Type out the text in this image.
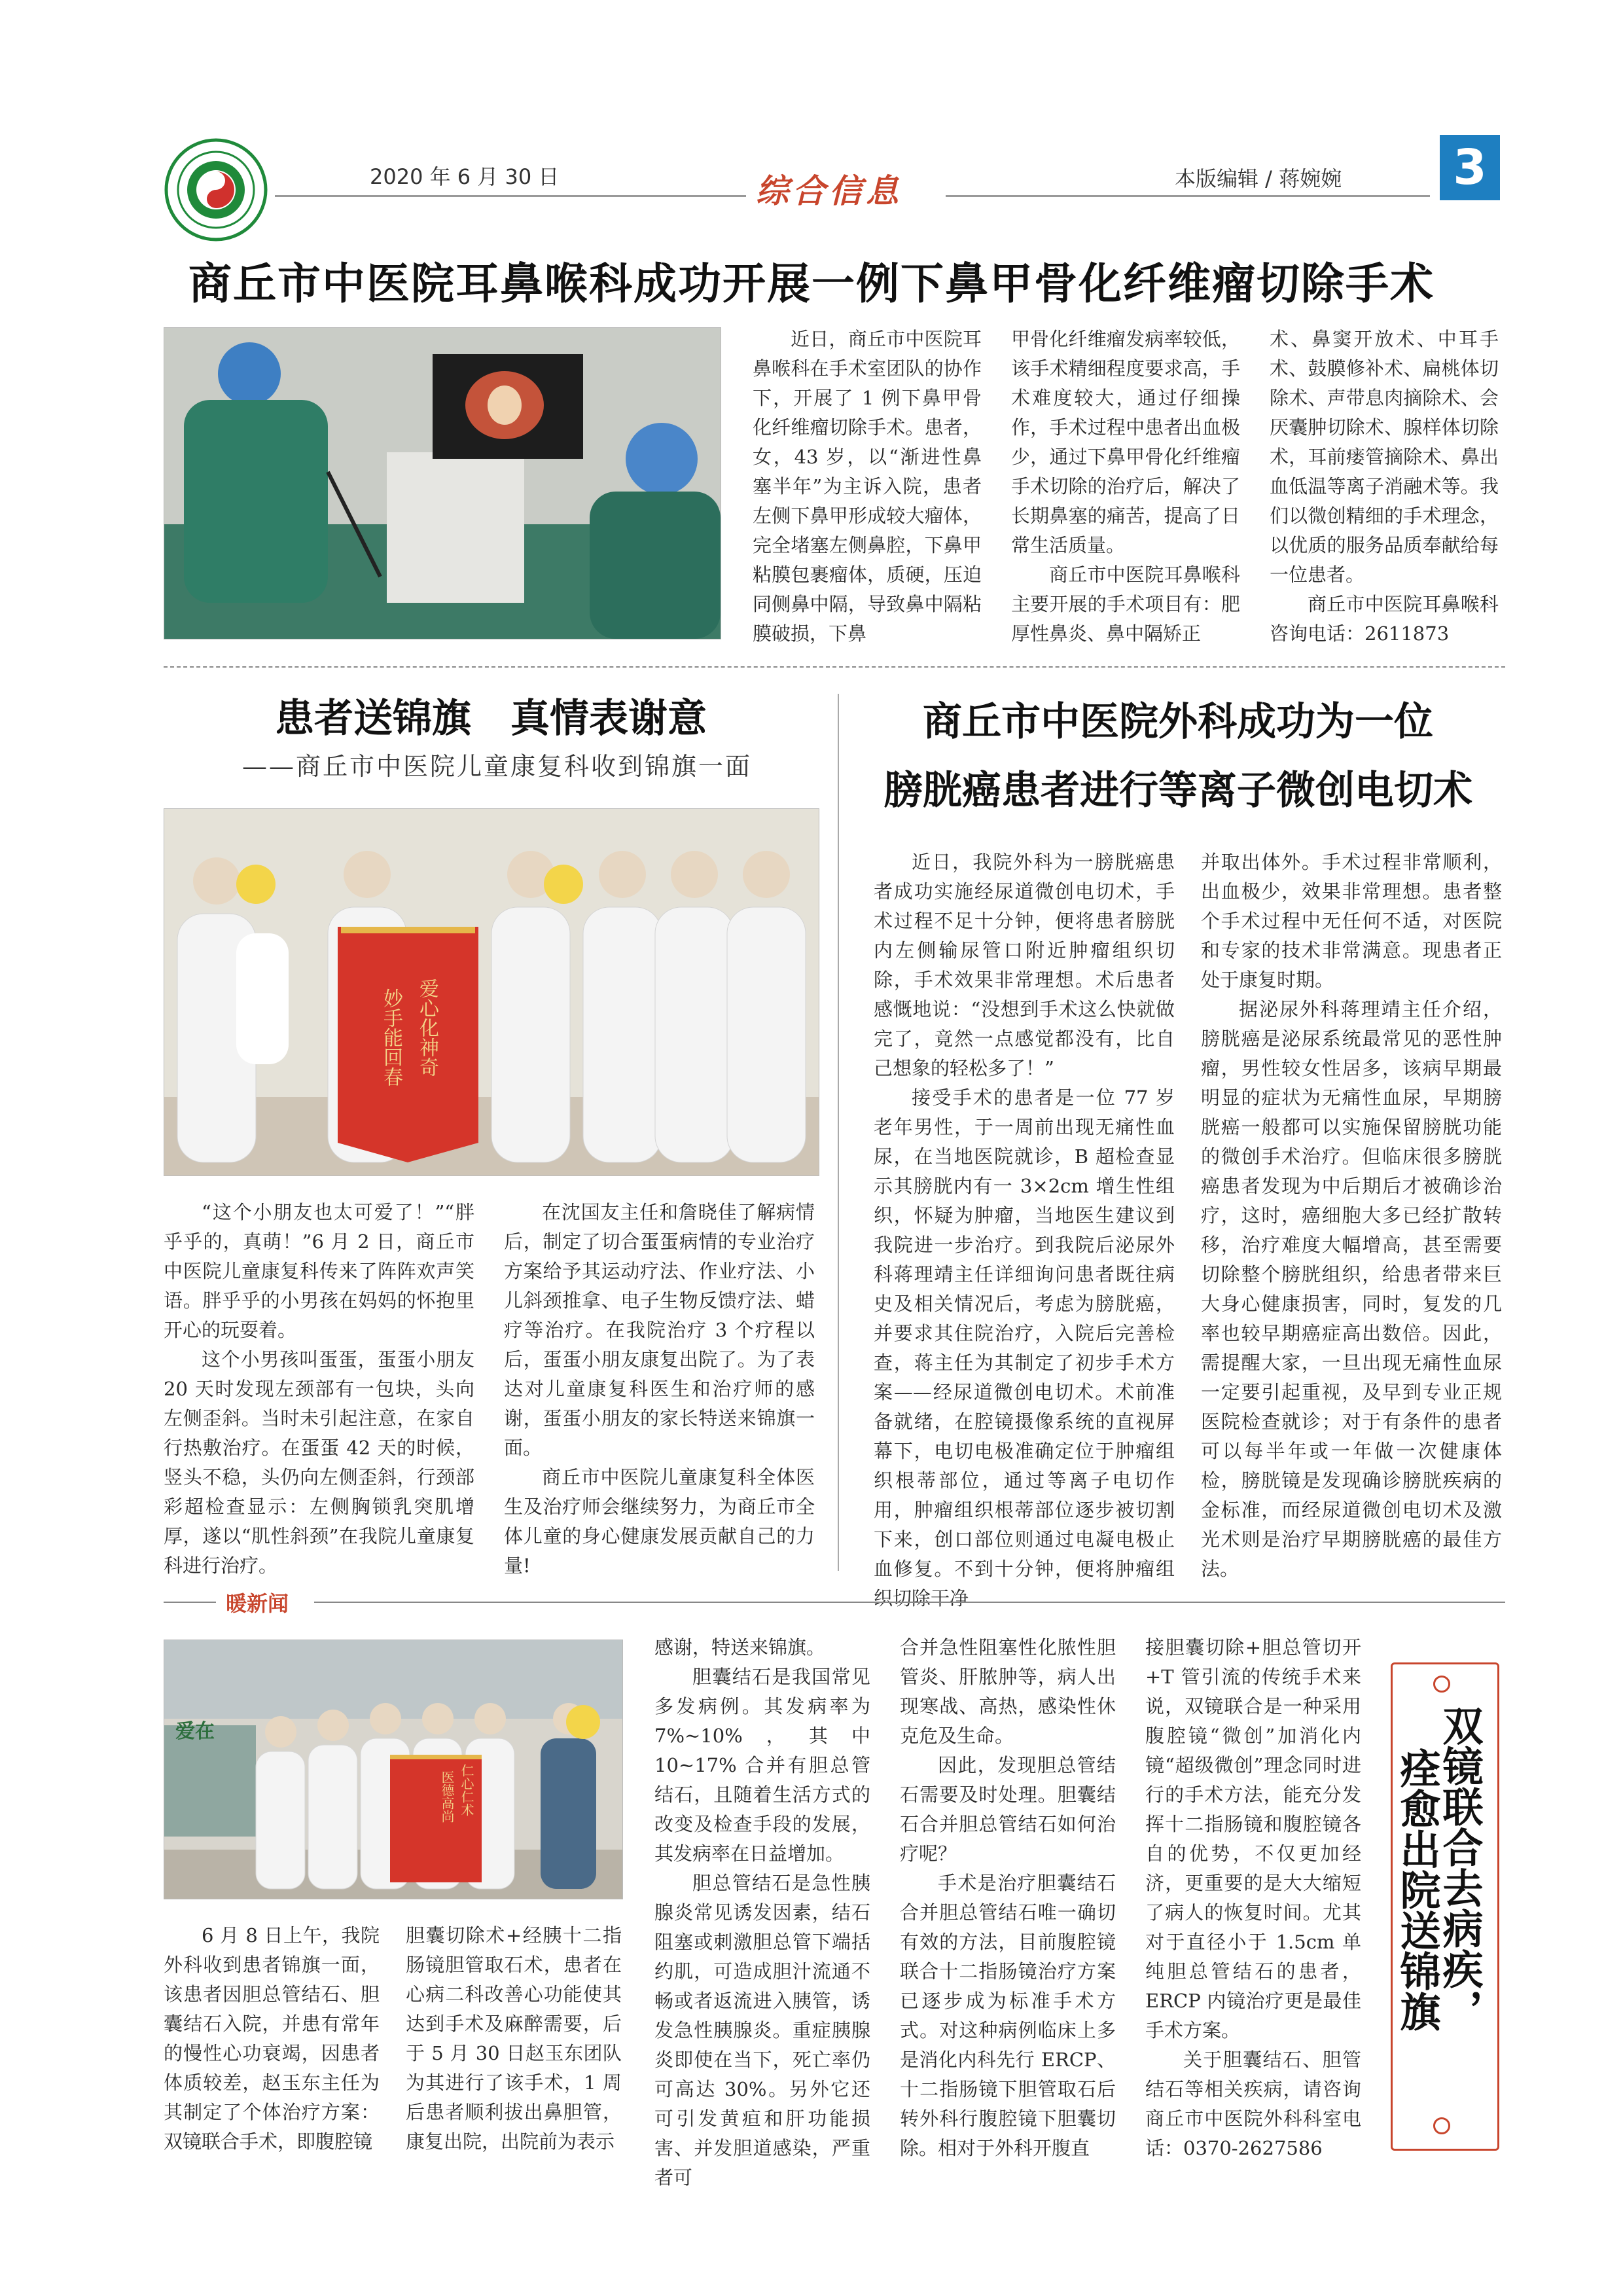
2020 年 6 月 30 日	综合信息	本版编辑 / 蒋婉婉 3
商丘市中医院耳鼻喉科成功开展一例下鼻甲骨化纤维瘤切除手术

近日，商丘市中医院耳鼻喉科在手术室团队的协作下，开展了 1 例下鼻甲骨化纤维瘤切除手术。患者，女，43 岁，以“渐进性鼻塞半年”为主诉入院，患者左侧下鼻甲形成较大瘤体，完全堵塞左侧鼻腔，下鼻甲粘膜包裹瘤体，质硬，压迫同侧鼻中隔，导致鼻中隔粘膜破损，下鼻

甲骨化纤维瘤发病率较低，该手术精细程度要求高，手术难度较大，通过仔细操作，手术过程中患者出血极少，通过下鼻甲骨化纤维瘤手术切除的治疗后，解决了长期鼻塞的痛苦，提高了日常生活质量。

商丘市中医院耳鼻喉科主要开展的手术项目有：肥厚性鼻炎、鼻中隔矫正

术、鼻窦开放术、中耳手术、鼓膜修补术、扁桃体切除术、声带息肉摘除术、会厌囊肿切除术、腺样体切除术，耳前瘘管摘除术、鼻出血低温等离子消融术等。我们以微创精细的手术理念，以优质的服务品质奉献给每一位患者。

商丘市中医院耳鼻喉科咨询电话：2611873

患者送锦旗　真情表谢意
——商丘市中医院儿童康复科收到锦旗一面
爱心化神奇
妙手能回春

“这个小朋友也太可爱了！”“胖乎乎的，真萌！”6 月 2 日，商丘市中医院儿童康复科传来了阵阵欢声笑语。胖乎乎的小男孩在妈妈的怀抱里开心的玩耍着。

这个小男孩叫蛋蛋，蛋蛋小朋友 20 天时发现左颈部有一包块，头向左侧歪斜。当时未引起注意，在家自行热敷治疗。在蛋蛋 42 天的时候，竖头不稳，头仍向左侧歪斜，行颈部彩超检查显示：左侧胸锁乳突肌增厚，遂以“肌性斜颈”在我院儿童康复科进行治疗。

在沈国友主任和詹晓佳了解病情后，制定了切合蛋蛋病情的专业治疗方案给予其运动疗法、作业疗法、小儿斜颈推拿、电子生物反馈疗法、蜡疗等治疗。在我院治疗 3 个疗程以后，蛋蛋小朋友康复出院了。为了表达对儿童康复科医生和治疗师的感谢，蛋蛋小朋友的家长特送来锦旗一面。

商丘市中医院儿童康复科全体医生及治疗师会继续努力，为商丘市全体儿童的身心健康发展贡献自己的力量!

商丘市中医院外科成功为一位
膀胱癌患者进行等离子微创电切术

近日，我院外科为一膀胱癌患者成功实施经尿道微创电切术，手术过程不足十分钟，便将患者膀胱内左侧输尿管口附近肿瘤组织切除，手术效果非常理想。术后患者感慨地说：“没想到手术这么快就做完了，竟然一点感觉都没有，比自己想象的轻松多了！”

接受手术的患者是一位 77 岁老年男性，于一周前出现无痛性血尿，在当地医院就诊，B 超检查显示其膀胱内有一 3×2cm 增生性组织，怀疑为肿瘤，当地医生建议到我院进一步治疗。到我院后泌尿外科蒋理靖主任详细询问患者既往病史及相关情况后，考虑为膀胱癌，并要求其住院治疗，入院后完善检查，蒋主任为其制定了初步手术方案——经尿道微创电切术。术前准备就绪，在腔镜摄像系统的直视屏幕下，电切电极准确定位于肿瘤组织根蒂部位，通过等离子电切作用，肿瘤组织根蒂部位逐步被切割下来，创口部位则通过电凝电极止血修复。不到十分钟，便将肿瘤组织切除干净

并取出体外。手术过程非常顺利，出血极少，效果非常理想。患者整个手术过程中无任何不适，对医院和专家的技术非常满意。现患者正处于康复时期。

据泌尿外科蒋理靖主任介绍，膀胱癌是泌尿系统最常见的恶性肿瘤，男性较女性居多，该病早期最明显的症状为无痛性血尿，早期膀胱癌一般都可以实施保留膀胱功能的微创手术治疗。但临床很多膀胱癌患者发现为中后期后才被确诊治疗，这时，癌细胞大多已经扩散转移，治疗难度大幅增高，甚至需要切除整个膀胱组织，给患者带来巨大身心健康损害，同时，复发的几率也较早期癌症高出数倍。因此，需提醒大家，一旦出现无痛性血尿一定要引起重视，及早到专业正规医院检查就诊；对于有条件的患者可以每半年或一年做一次健康体检，膀胱镜是发现确诊膀胱疾病的金标准，而经尿道微创电切术及激光术则是治疗早期膀胱癌的最佳方法。

暖新闻
爱在
仁心仁术
医德高尚

6 月 8 日上午，我院外科收到患者锦旗一面，该患者因胆总管结石、胆囊结石入院，并患有常年的慢性心功衰竭，因患者体质较差，赵玉东主任为其制定了个体治疗方案：双镜联合手术，即腹腔镜

胆囊切除术+经胰十二指肠镜胆管取石术，患者在心病二科改善心功能使其达到手术及麻醉需要，后于 5 月 30 日赵玉东团队为其进行了该手术，1 周后患者顺利拔出鼻胆管，康复出院，出院前为表示

感谢，特送来锦旗。

胆囊结石是我国常见多发病例。其发病率为 7%~10%，其中 10~17% 合并有胆总管结石，且随着生活方式的改变及检查手段的发展，其发病率在日益增加。

胆总管结石是急性胰腺炎常见诱发因素，结石阻塞或刺激胆总管下端括约肌，可造成胆汁流通不畅或者返流进入胰管，诱发急性胰腺炎。重症胰腺炎即使在当下，死亡率仍可高达 30%。另外它还可引发黄疸和肝功能损害、并发胆道感染，严重者可

合并急性阻塞性化脓性胆管炎、肝脓肿等，病人出现寒战、高热，感染性休克危及生命。

因此，发现胆总管结石需要及时处理。胆囊结石合并胆总管结石如何治疗呢？

手术是治疗胆囊结石合并胆总管结石唯一确切有效的方法，目前腹腔镜联合十二指肠镜治疗方案已逐步成为标准手术方式。对这种病例临床上多是消化内科先行 ERCP、十二指肠镜下胆管取石后转外科行腹腔镜下胆囊切除。相对于外科开腹直

接胆囊切除+胆总管切开+T 管引流的传统手术来说，双镜联合是一种采用腹腔镜“微创”加消化内镜“超级微创”理念同时进行的手术方法，能充分发挥十二指肠镜和腹腔镜各自的优势，不仅更加经济，更重要的是大大缩短了病人的恢复时间。尤其对于直径小于 1.5cm 单纯胆总管结石的患者，ERCP 内镜治疗更是最佳手术方案。

关于胆囊结石、胆管结石等相关疾病，请咨询商丘市中医院外科科室电话：0370-2627586

双镜联合去病疾，
痊愈出院送锦旗
